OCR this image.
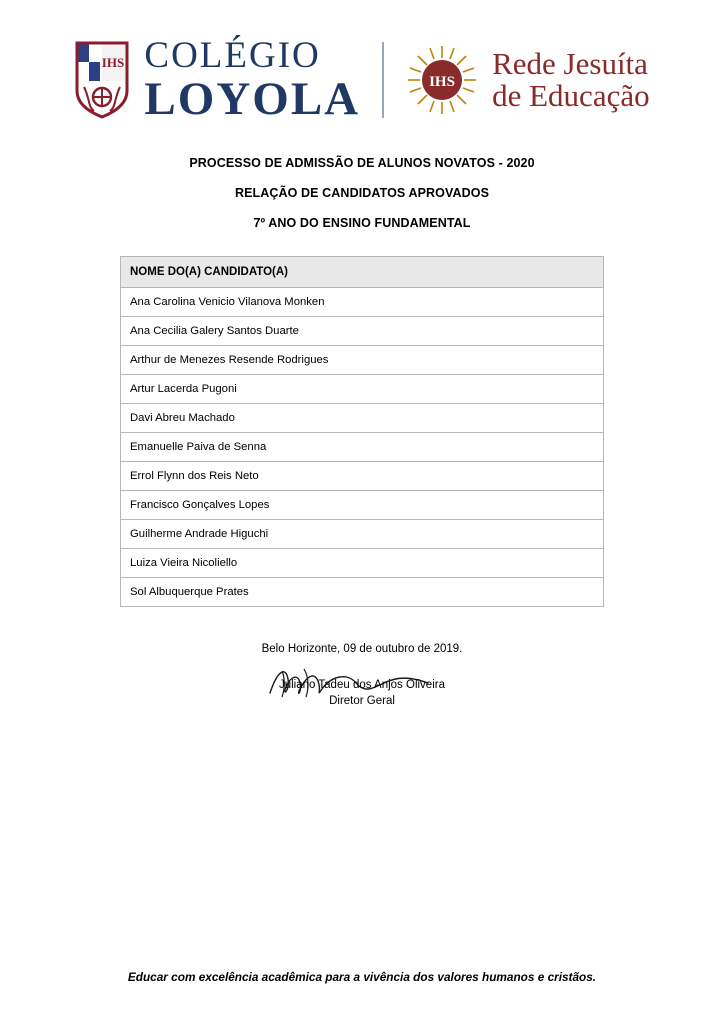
IHS COLÉGIO
LOYOLA	IHS
Rede Jesuíta
de Educação
PROCESSO DE ADMISSÃO DE ALUNOS NOVATOS - 2020
RELAÇÃO DE CANDIDATOS APROVADOS
7º ANO DO ENSINO FUNDAMENTAL
NOME DO(A) CANDIDATO(A)
Ana Carolina Venicio Vilanova Monken
Ana Cecilia Galery Santos Duarte
Arthur de Menezes Resende Rodrigues
Artur Lacerda Pugoni
Davi Abreu Machado
Emanuelle Paiva de Senna
Errol Flynn dos Reis Neto
Francisco Gonçalves Lopes
Guilherme Andrade Higuchi
Luiza Vieira Nicoliello
Sol Albuquerque Prates
Belo Horizonte, 09 de outubro de 2019.
Juliano Tadeu dos Anjos Oliveira
Diretor Geral
Educar com excelência acadêmica para a vivência dos valores humanos e cristãos.
